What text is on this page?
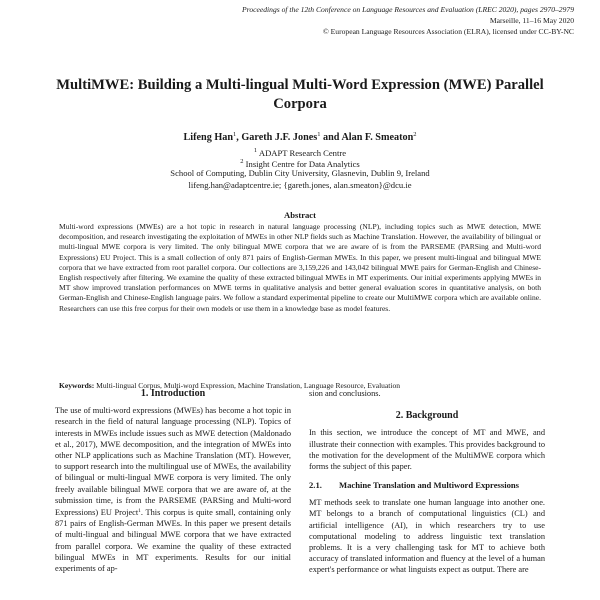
Proceedings of the 12th Conference on Language Resources and Evaluation (LREC 2020), pages 2970–2979
Marseille, 11–16 May 2020
© European Language Resources Association (ELRA), licensed under CC-BY-NC
MultiMWE: Building a Multi-lingual Multi-Word Expression (MWE) Parallel
Corpora
Lifeng Han$^1$, Gareth J.F. Jones$^1$ and Alan F. Smeaton$^2$
$^1$ ADAPT Research Centre
$^2$ Insight Centre for Data Analytics
School of Computing, Dublin City University, Glasnevin, Dublin 9, Ireland
lifeng.han@adaptcentre.ie; {gareth.jones, alan.smeaton}@dcu.ie
Abstract
Multi-word expressions (MWEs) are a hot topic in research in natural language processing (NLP), including topics such as MWE detection, MWE decomposition, and research investigating the exploitation of MWEs in other NLP fields such as Machine Translation. However, the availability of bilingual or multi-lingual MWE corpora is very limited. The only bilingual MWE corpora that we are aware of is from the PARSEME (PARSing and Multi-word Expressions) EU Project. This is a small collection of only 871 pairs of English-German MWEs. In this paper, we present multi-lingual and bilingual MWE corpora that we have extracted from root parallel corpora. Our collections are 3,159,226 and 143,042 bilingual MWE pairs for German-English and Chinese-English respectively after filtering. We examine the quality of these extracted bilingual MWEs in MT experiments. Our initial experiments applying MWEs in MT show improved translation performances on MWE terms in qualitative analysis and better general evaluation scores in quantitative analysis, on both German-English and Chinese-English language pairs. We follow a standard experimental pipeline to create our MultiMWE corpora which are available online. Researchers can use this free corpus for their own models or use them in a knowledge base as model features.
Keywords: Multi-lingual Corpus, Multi-word Expression, Machine Translation, Language Resource, Evaluation
1. Introduction

The use of multi-word expressions (MWEs) has become a hot topic in research in the field of natural language processing (NLP). Topics of interests in MWEs include issues such as MWE detection (Maldonado et al., 2017), MWE decomposition, and the integration of MWEs into other NLP applications such as Machine Translation (MT). However, to support research into the multilingual use of MWEs, the availability of bilingual or multi-lingual MWE corpora is very limited. The only freely available bilingual MWE corpora that we are aware of, at the submission time, is from the PARSEME (PARSing and Multi-word Expressions) EU Project$^1$. This corpus is quite small, containing only 871 pairs of English-German MWEs. In this paper we present details of multi-lingual and bilingual MWE corpora that we have extracted from parallel corpora. We examine the quality of these extracted bilingual MWEs in MT experiments. Results for our initial experiments of ap-

sion and conclusions.

2. Background

In this section, we introduce the concept of MT and MWE, and illustrate their connection with examples. This provides background to the motivation for the development of the MultiMWE corpora which forms the subject of this paper.

2.1.	Machine Translation and Multiword Expressions

MT methods seek to translate one human language into another one. MT belongs to a branch of computational linguistics (CL) and artificial intelligence (AI), in which researchers try to use computational modeling to address linguistic text translation problems. It is a very challenging task for MT to achieve both accuracy of translated information and fluency at the level of a human expert's performance or what linguists expect as output. There are
